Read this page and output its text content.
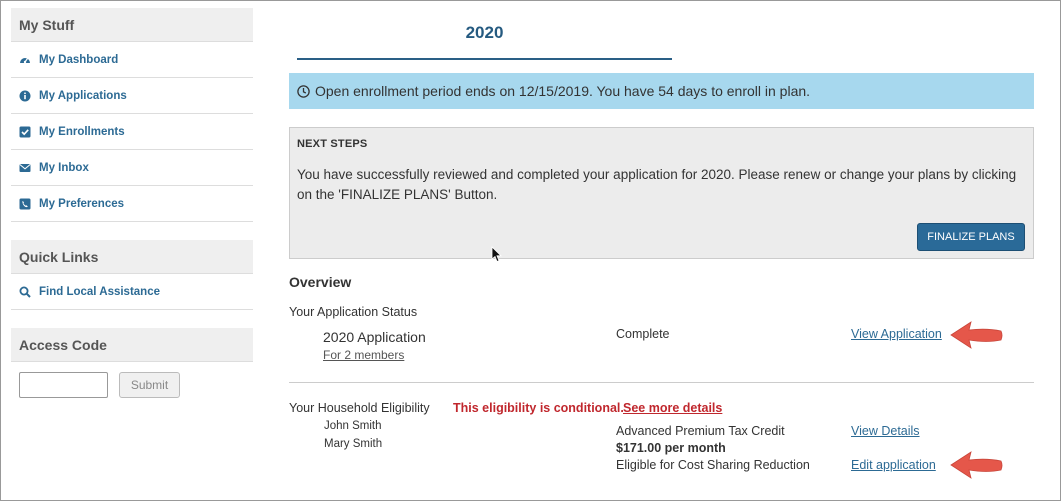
My Stuff
My Dashboard
My Applications
My Enrollments
My Inbox
My Preferences
Quick Links
Find Local Assistance
Access Code
Submit
2020
Open enrollment period ends on 12/15/2019. You have 54 days to enroll in plan.
NEXT STEPS
You have successfully reviewed and completed your application for 2020. Please renew or change your plans by clicking on the 'FINALIZE PLANS' Button.
FINALIZE PLANS
Overview
Your Application Status
2020 Application
For 2 members
Complete	View Application
Your Household Eligibility This eligibility is conditional. See more details
John Smith
Mary Smith
Advanced Premium Tax Credit
$171.00 per month
Eligible for Cost Sharing Reduction
View Details
Edit application
